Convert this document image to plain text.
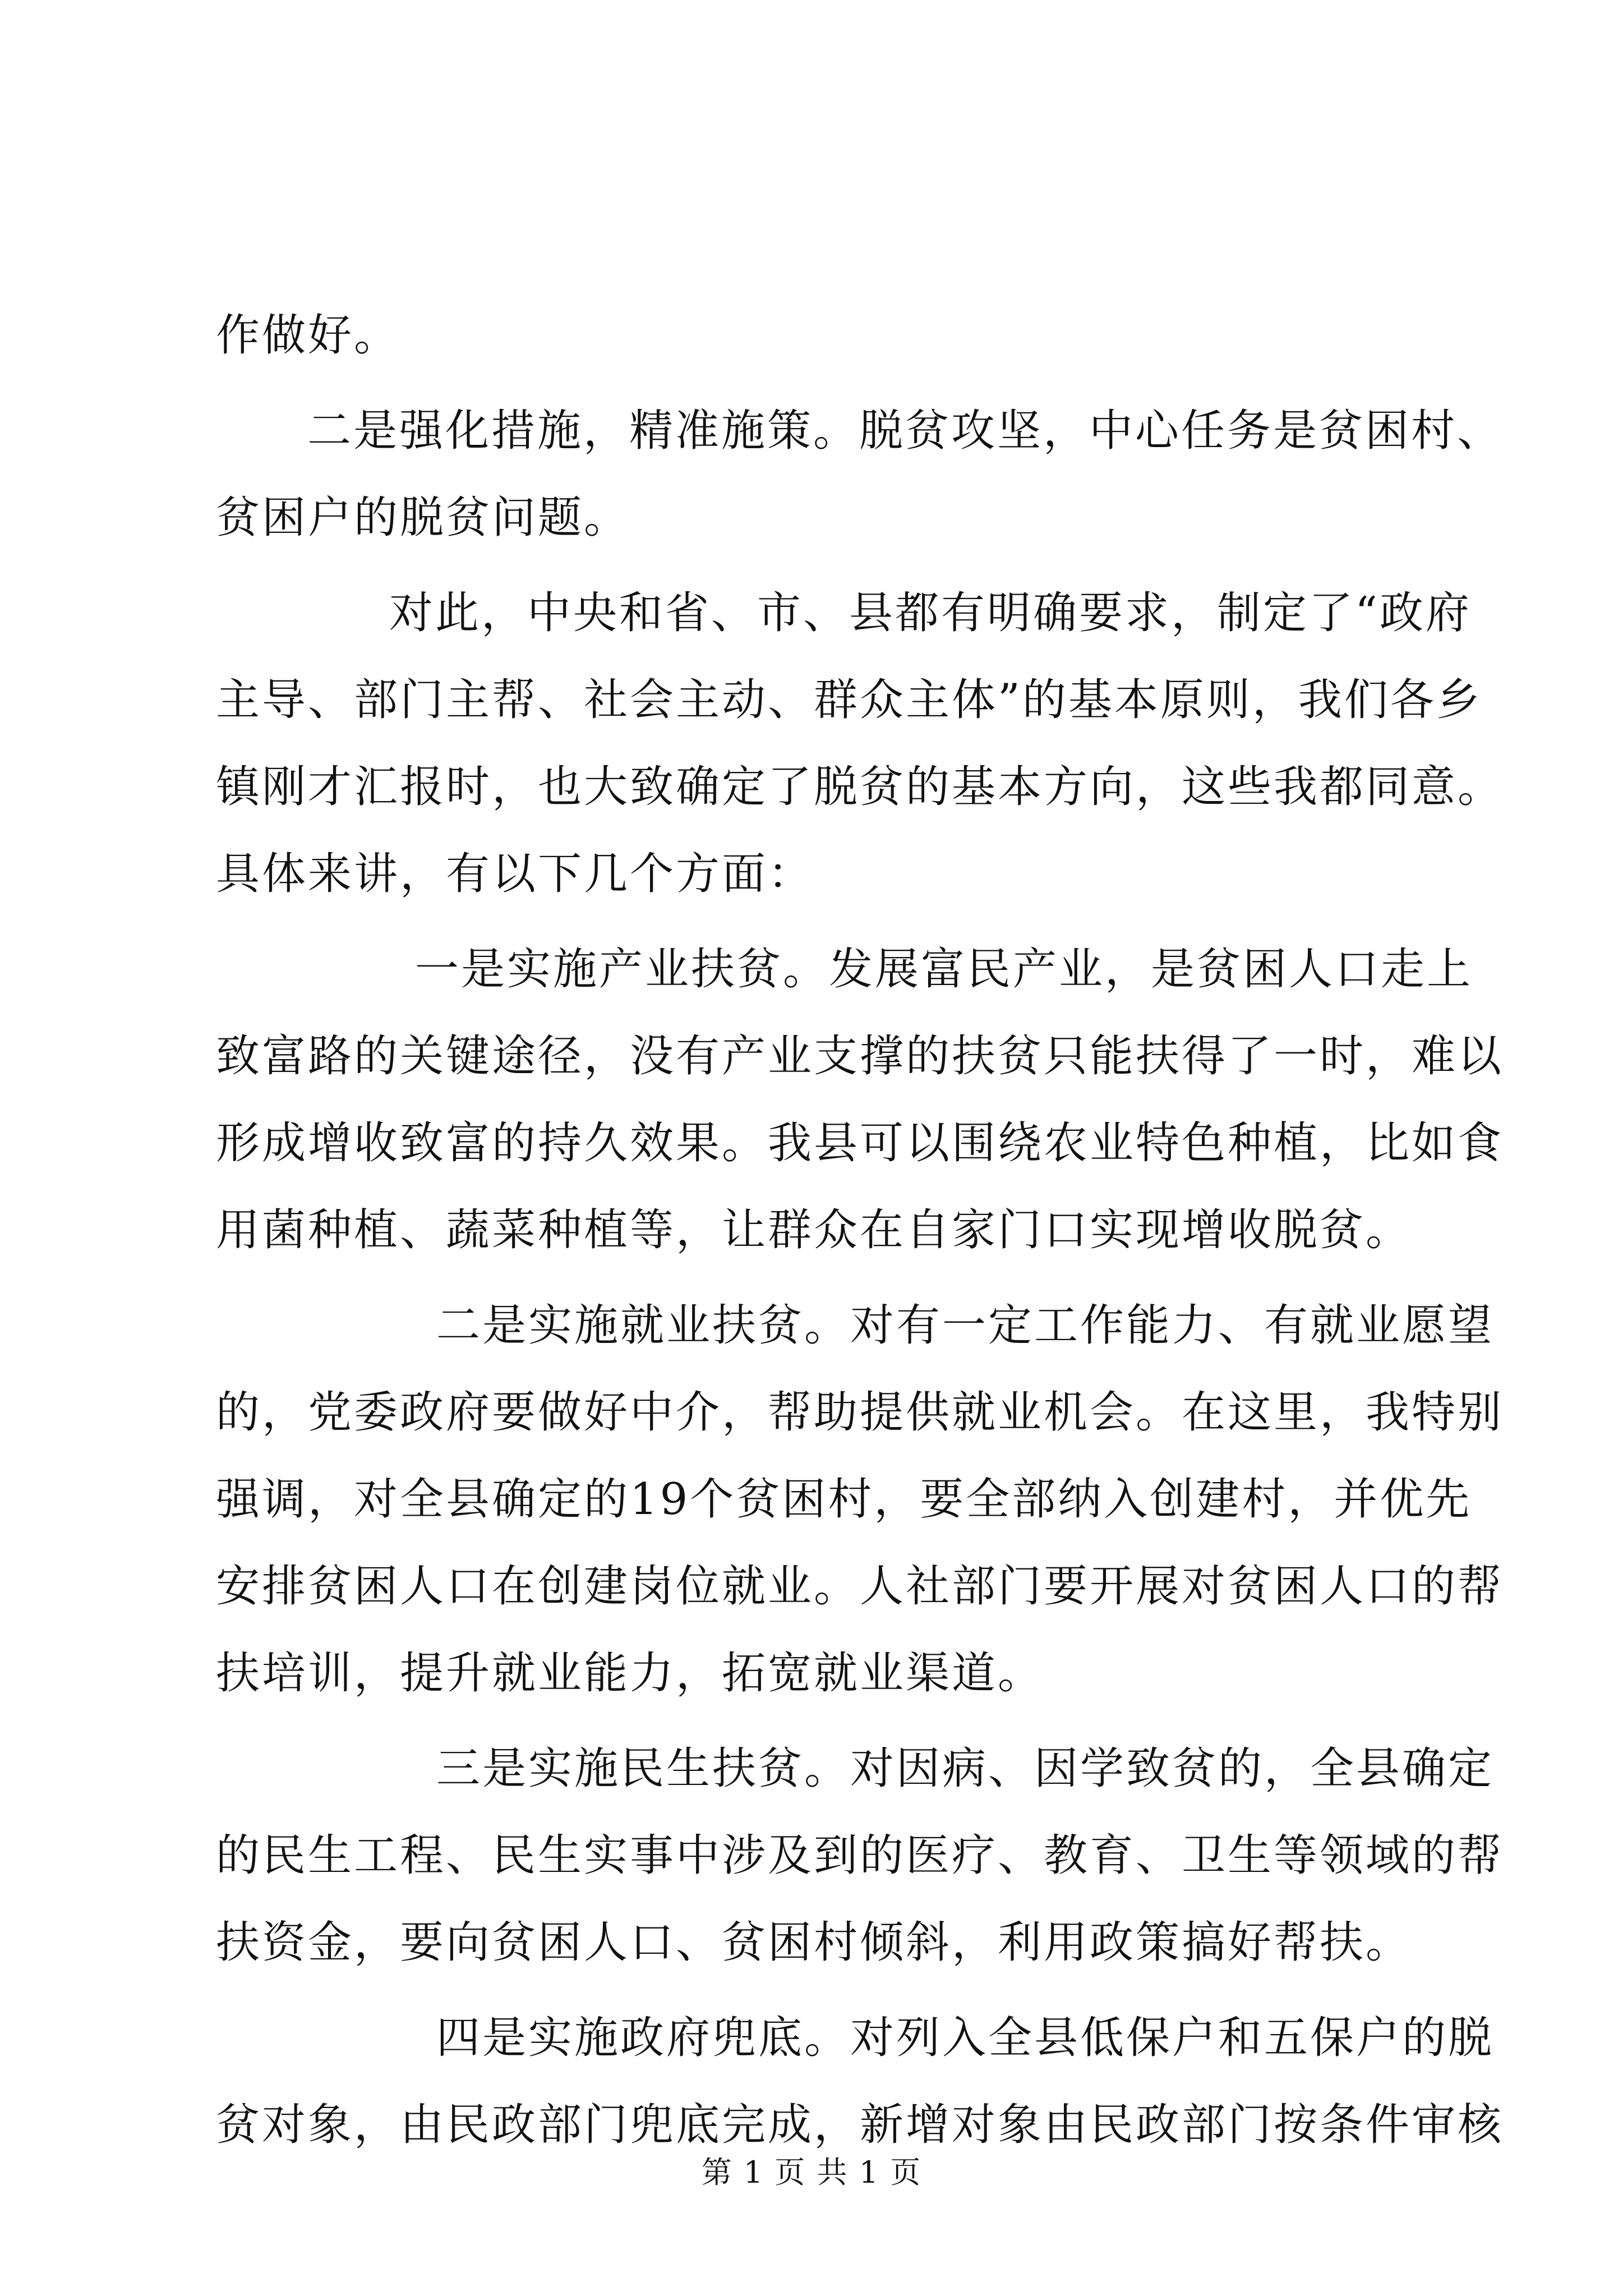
作做好。
二是强化措施，精准施策。脱贫攻坚，中心任务是贫困村、
贫困户的脱贫问题。
对此，中央和省、市、县都有明确要求，制定了“政府
主导、部门主帮、社会主动、群众主体”的基本原则，我们各乡
镇刚才汇报时，也大致确定了脱贫的基本方向，这些我都同意。
具体来讲，有以下几个方面：
一是实施产业扶贫。发展富民产业，是贫困人口走上
致富路的关键途径，没有产业支撑的扶贫只能扶得了一时，难以
形成增收致富的持久效果。我县可以围绕农业特色种植，比如食
用菌种植、蔬菜种植等，让群众在自家门口实现增收脱贫。
二是实施就业扶贫。对有一定工作能力、有就业愿望
的，党委政府要做好中介，帮助提供就业机会。在这里，我特别
强调，对全县确定的19个贫困村，要全部纳入创建村，并优先
安排贫困人口在创建岗位就业。人社部门要开展对贫困人口的帮
扶培训，提升就业能力，拓宽就业渠道。
三是实施民生扶贫。对因病、因学致贫的，全县确定
的民生工程、民生实事中涉及到的医疗、教育、卫生等领域的帮
扶资金，要向贫困人口、贫困村倾斜，利用政策搞好帮扶。
四是实施政府兜底。对列入全县低保户和五保户的脱
贫对象，由民政部门兜底完成，新增对象由民政部门按条件审核
第 1 页 共 1 页
